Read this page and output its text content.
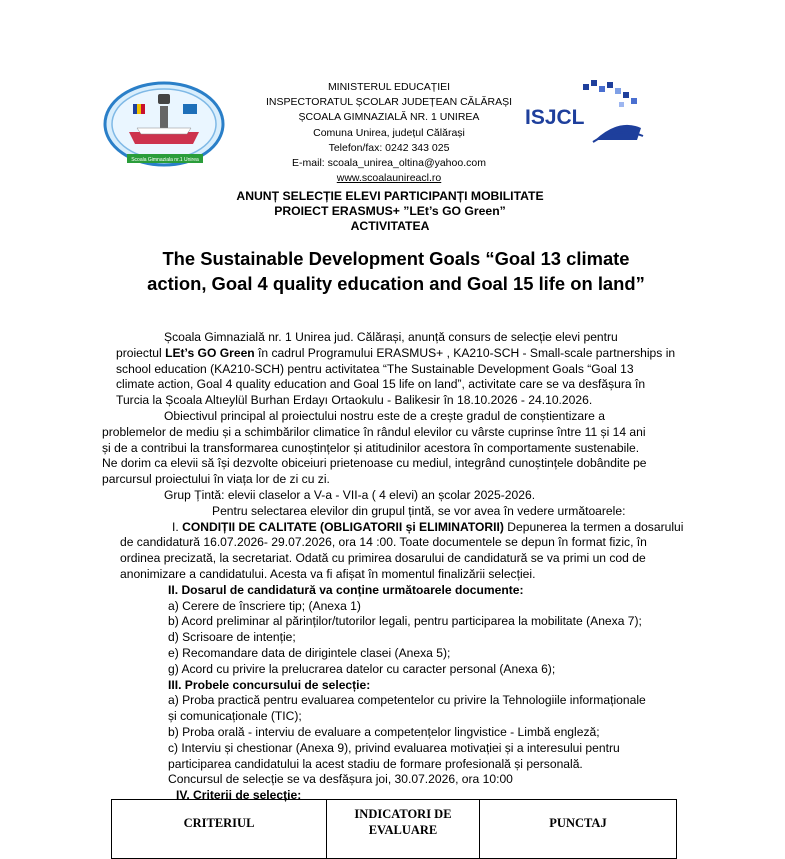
Scoala Gimnaziala nr.1 Unirea
MINISTERUL EDUCAȚIEI
INSPECTORATUL ȘCOLAR JUDEȚEAN CĂLĂRAȘI
ȘCOALA GIMNAZIALĂ NR. 1 UNIREA
Comuna Unirea, județul Călărași
Telefon/fax: 0242 343 025
E-mail: scoala_unirea_oltina@yahoo.com
www.scoalaunireacl.ro
ISJCL
ANUNȚ SELECȚIE ELEVI PARTICIPANȚI MOBILITATE
PROIECT ERASMUS+ ”LEt’s GO Green”
ACTIVITATEA
The Sustainable Development Goals “Goal 13 climate
action, Goal 4 quality education and Goal 15 life on land”
Școala Gimnazială nr. 1 Unirea jud. Călărași, anunță consurs de selecție elevi pentru
proiectul LEt’s GO Green în cadrul Programului ERASMUS+ , KA210-SCH - Small-scale partnerships in
school education (KA210-SCH) pentru activitatea “The Sustainable Development Goals “Goal 13
climate action, Goal 4 quality education and Goal 15 life on land”, activitate care se va desfășura în
Turcia la Școala Altıeylül Burhan Erdayı Ortaokulu - Balikesir în 18.10.2026 - 24.10.2026.
Obiectivul principal al proiectului nostru este de a crește gradul de conștientizare a
problemelor de mediu și a schimbărilor climatice în rândul elevilor cu vârste cuprinse între 11 și 14 ani
și de a contribui la transformarea cunoștințelor și atitudinilor acestora în comportamente sustenabile.
Ne dorim ca elevii să își dezvolte obiceiuri prietenoase cu mediul, integrând cunoștințele dobândite pe
parcursul proiectului în viața lor de zi cu zi.
Grup Țintă: elevii claselor a V-a - VII-a ( 4 elevi) an școlar 2025-2026.
Pentru selectarea elevilor din grupul țintă, se vor avea în vedere următoarele:
I. CONDIȚII DE CALITATE (OBLIGATORII și ELIMINATORII) Depunerea la termen a dosarului
de candidatură 16.07.2026- 29.07.2026, ora 14 :00. Toate documentele se depun în format fizic, în
ordinea precizată, la secretariat. Odată cu primirea dosarului de candidatură se va primi un cod de
anonimizare a candidatului. Acesta va fi afișat în momentul finalizării selecției.
II. Dosarul de candidatură va conține următoarele documente:
a) Cerere de înscriere tip; (Anexa 1)
b) Acord preliminar al părinților/tutorilor legali, pentru participarea la mobilitate (Anexa 7);
d) Scrisoare de intenție;
e) Recomandare data de dirigintele clasei (Anexa 5);
g) Acord cu privire la prelucrarea datelor cu caracter personal (Anexa 6);
III. Probele concursului de selecție:
a) Proba practică pentru evaluarea competentelor cu privire la Tehnologiile informaționale
și comunicaționale (TIC);
b) Proba orală - interviu de evaluare a competențelor lingvistice - Limbă engleză;
c) Interviu și chestionar (Anexa 9), privind evaluarea motivației și a interesului pentru
participarea candidatului la acest stadiu de formare profesională și personală.
Concursul de selecție se va desfășura joi, 30.07.2026, ora 10:00
IV. Criterii de selecție:
CRITERIUL	INDICATORI DE EVALUARE	PUNCTAJ
